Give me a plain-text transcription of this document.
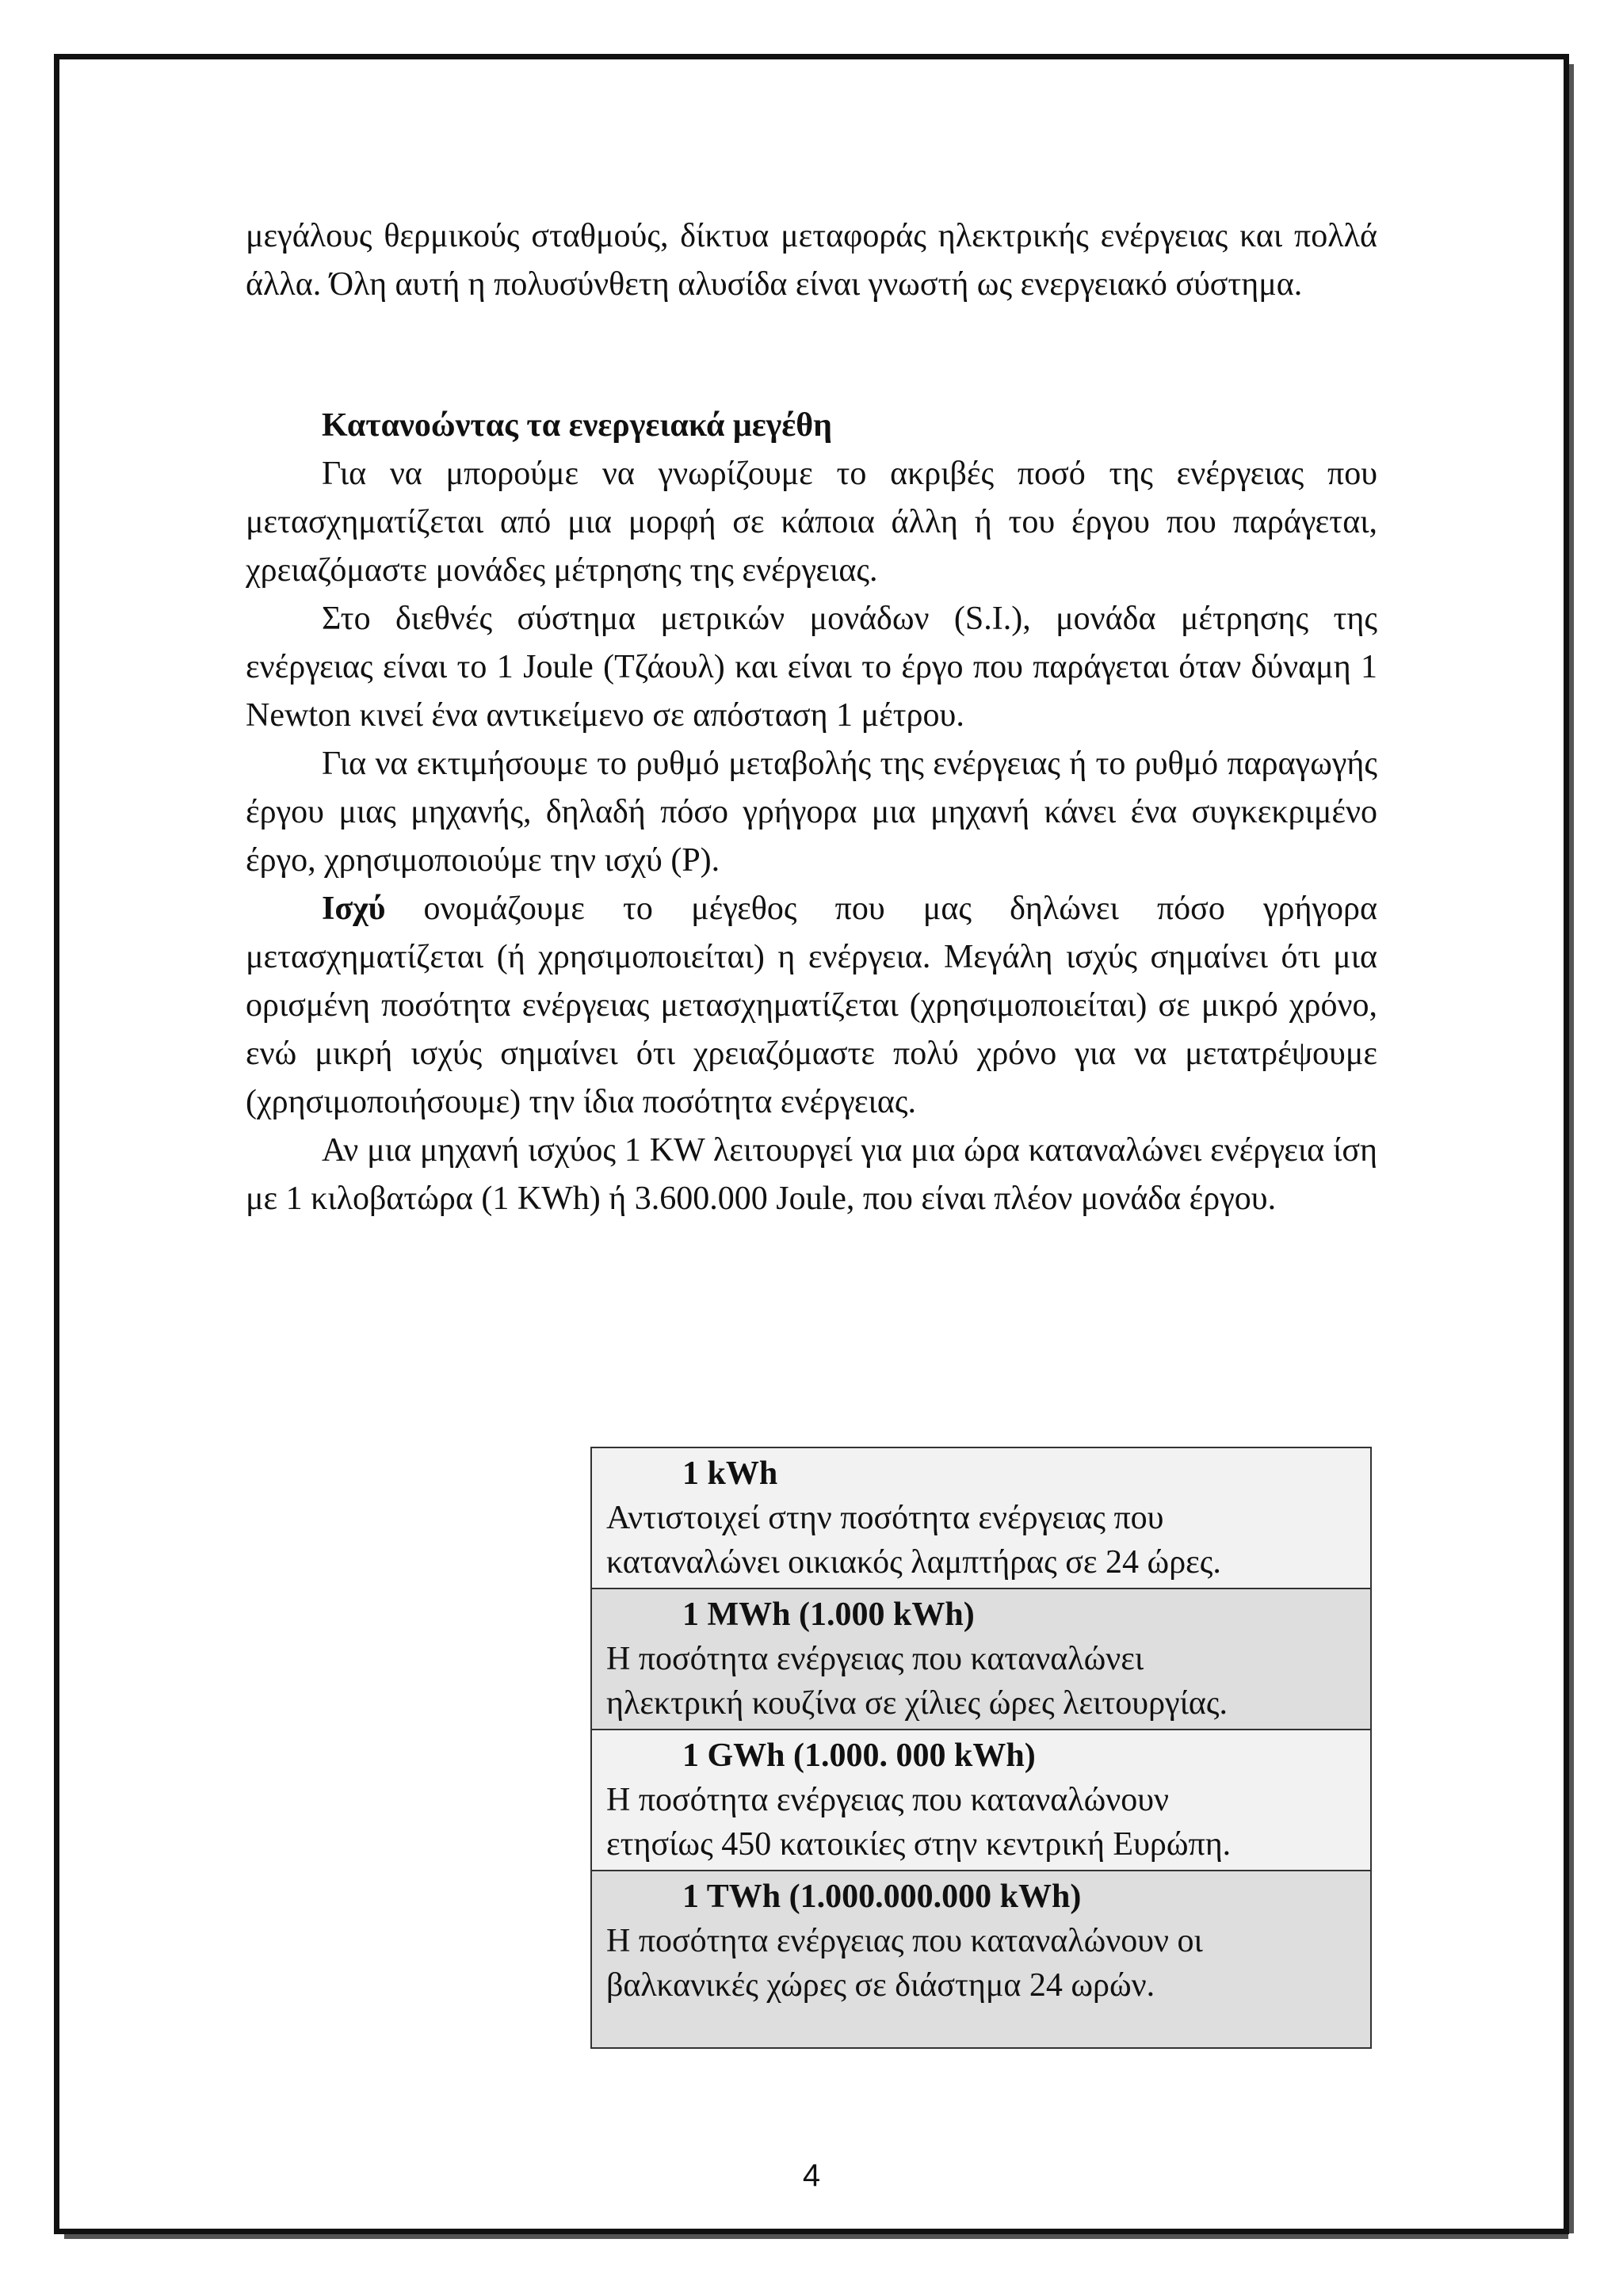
μεγάλους θερμικούς σταθμούς, δίκτυα μεταφοράς ηλεκτρικής ενέργειας και πολλά άλλα. Όλη αυτή η πολυσύνθετη αλυσίδα είναι γνωστή ως ενεργειακό σύστημα.

Κατανοώντας τα ενεργειακά μεγέθη

Για να μπορούμε να γνωρίζουμε το ακριβές ποσό της ενέργειας που μετασχηματίζεται από μια μορφή σε κάποια άλλη ή του έργου που παράγεται, χρειαζόμαστε μονάδες μέτρησης της ενέργειας.

Στο διεθνές σύστημα μετρικών μονάδων (S.I.), μονάδα μέτρησης της ενέργειας είναι το 1 Joule (Τζάουλ) και είναι το έργο που παράγεται όταν δύναμη 1 Newton κινεί ένα αντικείμενο σε απόσταση 1 μέτρου.

Για να εκτιμήσουμε το ρυθμό μεταβολής της ενέργειας ή το ρυθμό παραγωγής έργου μιας μηχανής, δηλαδή πόσο γρήγορα μια μηχανή κάνει ένα συγκεκριμένο έργο, χρησιμοποιούμε την ισχύ (P).

Ισχύ ονομάζουμε το μέγεθος που μας δηλώνει πόσο γρήγορα μετασχηματίζεται (ή χρησιμοποιείται) η ενέργεια. Μεγάλη ισχύς σημαίνει ότι μια ορισμένη ποσότητα ενέργειας μετασχηματίζεται (χρησιμοποιείται) σε μικρό χρόνο, ενώ μικρή ισχύς σημαίνει ότι χρειαζόμαστε πολύ χρόνο για να μετατρέψουμε (χρησιμοποιήσουμε) την ίδια ποσότητα ενέργειας.

Αν μια μηχανή ισχύος 1 KW λειτουργεί για μια ώρα καταναλώνει ενέργεια ίση με 1 κιλοβατώρα (1 KWh) ή 3.600.000 Joule, που είναι πλέον μονάδα έργου.

1 kWh
Αντιστοιχεί στην ποσότητα ενέργειας που
καταναλώνει οικιακός λαμπτήρας σε 24 ώρες.
1 MWh (1.000 kWh)
Η ποσότητα ενέργειας που καταναλώνει
ηλεκτρική κουζίνα σε χίλιες ώρες λειτουργίας.
1 GWh (1.000. 000 kWh)
Η ποσότητα ενέργειας που καταναλώνουν
ετησίως 450 κατοικίες στην κεντρική Ευρώπη.
1 TWh (1.000.000.000 kWh)
Η ποσότητα ενέργειας που καταναλώνουν οι
βαλκανικές χώρες σε διάστημα 24 ωρών.
4
